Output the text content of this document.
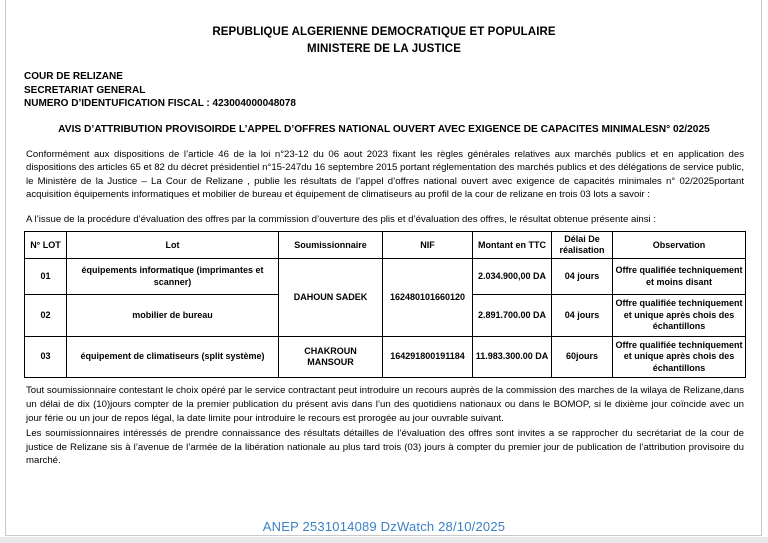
REPUBLIQUE ALGERIENNE DEMOCRATIQUE ET POPULAIRE
MINISTERE DE LA JUSTICE
COUR DE RELIZANE
SECRETARIAT GENERAL
NUMERO D’IDENTUFICATION FISCAL : 423004000048078
AVIS D’ATTRIBUTION PROVISOIRDE L’APPEL D’OFFRES NATIONAL OUVERT AVEC EXIGENCE DE CAPACITES MINIMALESN° 02/2025
Conformément aux dispositions de l’article 46 de la loi n°23-12 du 06 aout 2023 fixant les règles générales relatives aux marchés publics et en application des dispositions des articles 65 et 82 du décret présidentiel n°15-247du 16 septembre 2015 portant réglementation des marchés publics et des délégations de service public, le Ministère de la Justice – La Cour de Relizane , publie les résultats de l’appel d’offres national ouvert avec exigence de capacités minimales n° 02/2025portant acquisition équipements informatiques et mobilier de bureau et équipement de climatiseurs au profil de la cour de relizane en trois 03 lots a savoir :
A l’issue de la procédure d’évaluation des offres par la commission d’ouverture des plis et d’évaluation des offres, le résultat obtenue présente ainsi :
N° LOT	Lot	Soumissionnaire	NIF	Montant en TTC	Délai De réalisation	Observation
01	équipements informatique (imprimantes et scanner)	DAHOUN SADEK	162480101660120	2.034.900,00 DA	04 jours	Offre qualifiée techniquement et moins disant
02	mobilier de bureau			2.891.700.00 DA	04 jours	Offre qualifiée techniquement et unique après chois des échantillons
03	équipement de climatiseurs (split système)	CHAKROUN MANSOUR	164291800191184	11.983.300.00 DA	60jours	Offre qualifiée techniquement et unique après chois des échantillons
Tout soumissionnaire contestant le choix opéré par le service contractant peut introduire un recours auprès de la commission des marches de la wilaya de Relizane,dans un délai de dix (10)jours compter de la premier publication du présent avis dans l’un des quotidiens nationaux ou dans le BOMOP, si le dixième jour coïncide avec un jour férie ou un jour de repos légal, la date limite pour introduire le recours est prorogée au jour ouvrable suivant.
Les soumissionnaires intéressés de prendre connaissance des résultats détailles de l’évaluation des offres sont invites a se rapprocher du secrétariat de la cour de justice de Relizane sis à l’avenue de l’armée de la libération nationale au plus tard trois (03) jours à compter du premier jour de publication de l’attribution provisoire du marché.
ANEP 2531014089 DzWatch 28/10/2025
